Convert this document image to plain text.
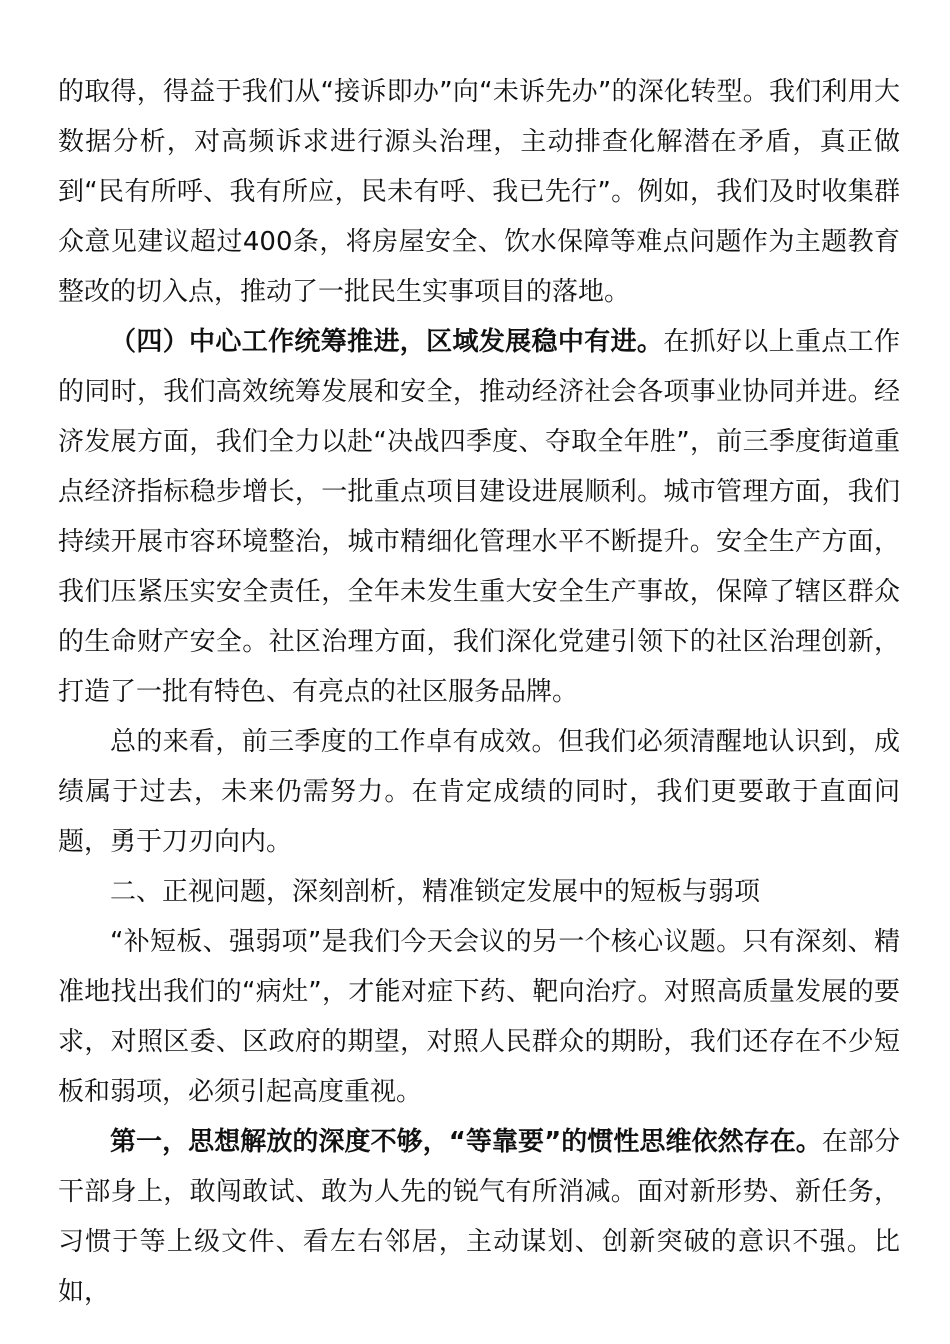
的取得，得益于我们从“接诉即办”向“未诉先办”的深化转型。我们利用大数据分析，对高频诉求进行源头治理，主动排查化解潜在矛盾，真正做到“民有所呼、我有所应，民未有呼、我已先行”。例如，我们及时收集群众意见建议超过400条，将房屋安全、饮水保障等难点问题作为主题教育整改的切入点，推动了一批民生实事项目的落地。

（四）中心工作统筹推进，区域发展稳中有进。在抓好以上重点工作的同时，我们高效统筹发展和安全，推动经济社会各项事业协同并进。经济发展方面，我们全力以赴“决战四季度、夺取全年胜”，前三季度街道重点经济指标稳步增长，一批重点项目建设进展顺利。城市管理方面，我们持续开展市容环境整治，城市精细化管理水平不断提升。安全生产方面，我们压紧压实安全责任，全年未发生重大安全生产事故，保障了辖区群众的生命财产安全。社区治理方面，我们深化党建引领下的社区治理创新，打造了一批有特色、有亮点的社区服务品牌。

总的来看，前三季度的工作卓有成效。但我们必须清醒地认识到，成绩属于过去，未来仍需努力。在肯定成绩的同时，我们更要敢于直面问题，勇于刀刃向内。

二、正视问题，深刻剖析，精准锁定发展中的短板与弱项

“补短板、强弱项”是我们今天会议的另一个核心议题。只有深刻、精准地找出我们的“病灶”，才能对症下药、靶向治疗。对照高质量发展的要求，对照区委、区政府的期望，对照人民群众的期盼，我们还存在不少短板和弱项，必须引起高度重视。

第一，思想解放的深度不够，“等靠要”的惯性思维依然存在。在部分干部身上，敢闯敢试、敢为人先的锐气有所消减。面对新形势、新任务，习惯于等上级文件、看左右邻居，主动谋划、创新突破的意识不强。比如，
